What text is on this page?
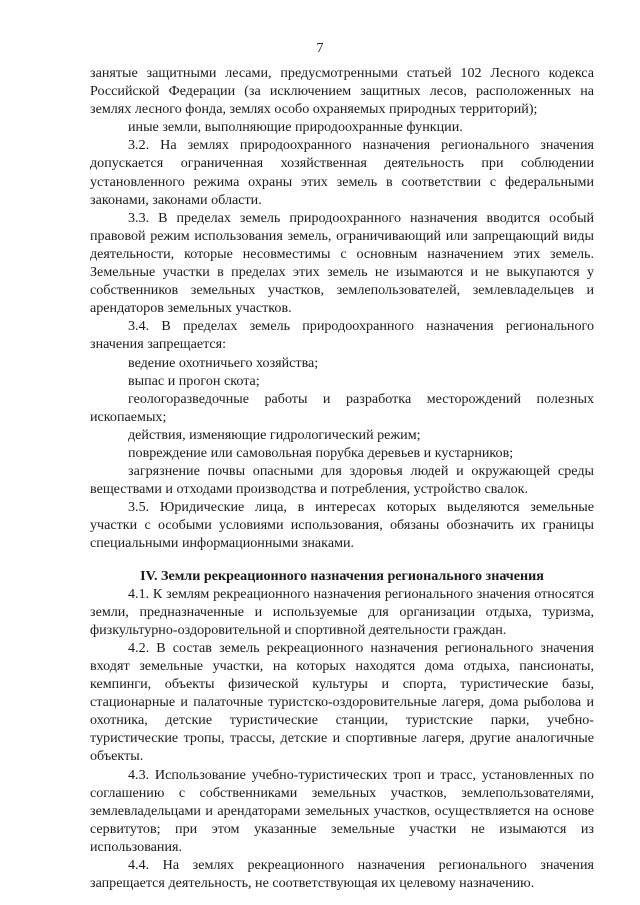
7

занятые защитными лесами, предусмотренными статьей 102 Лесного кодекса Российской Федерации (за исключением защитных лесов, расположенных на землях лесного фонда, землях особо охраняемых природных территорий);

иные земли, выполняющие природоохранные функции.

3.2. На землях природоохранного назначения регионального значения допускается ограниченная хозяйственная деятельность при соблюдении установленного режима охраны этих земель в соответствии с федеральными законами, законами области.

3.3. В пределах земель природоохранного назначения вводится особый правовой режим использования земель, ограничивающий или запрещающий виды деятельности, которые несовместимы с основным назначением этих земель. Земельные участки в пределах этих земель не изымаются и не выкупаются у собственников земельных участков, землепользователей, землевладельцев и арендаторов земельных участков.

3.4. В пределах земель природоохранного назначения регионального значения запрещается:

ведение охотничьего хозяйства;

выпас и прогон скота;

геологоразведочные работы и разработка месторождений полезных ископаемых;

действия, изменяющие гидрологический режим;

повреждение или самовольная порубка деревьев и кустарников;

загрязнение почвы опасными для здоровья людей и окружающей среды веществами и отходами производства и потребления, устройство свалок.

3.5. Юридические лица, в интересах которых выделяются земельные участки с особыми условиями использования, обязаны обозначить их границы специальными информационными знаками.

IV. Земли рекреационного назначения регионального значения

4.1. К землям рекреационного назначения регионального значения относятся земли, предназначенные и используемые для организации отдыха, туризма, физкультурно-оздоровительной и спортивной деятельности граждан.

4.2. В состав земель рекреационного назначения регионального значения входят земельные участки, на которых находятся дома отдыха, пансионаты, кемпинги, объекты физической культуры и спорта, туристические базы, стационарные и палаточные туристско-оздоровительные лагеря, дома рыболова и охотника, детские туристические станции, туристские парки, учебно-туристические тропы, трассы, детские и спортивные лагеря, другие аналогичные объекты.

4.3. Использование учебно-туристических троп и трасс, установленных по соглашению с собственниками земельных участков, землепользователями, землевладельцами и арендаторами земельных участков, осуществляется на основе сервитутов; при этом указанные земельные участки не изымаются из использования.

4.4. На землях рекреационного назначения регионального значения запрещается деятельность, не соответствующая их целевому назначению.
